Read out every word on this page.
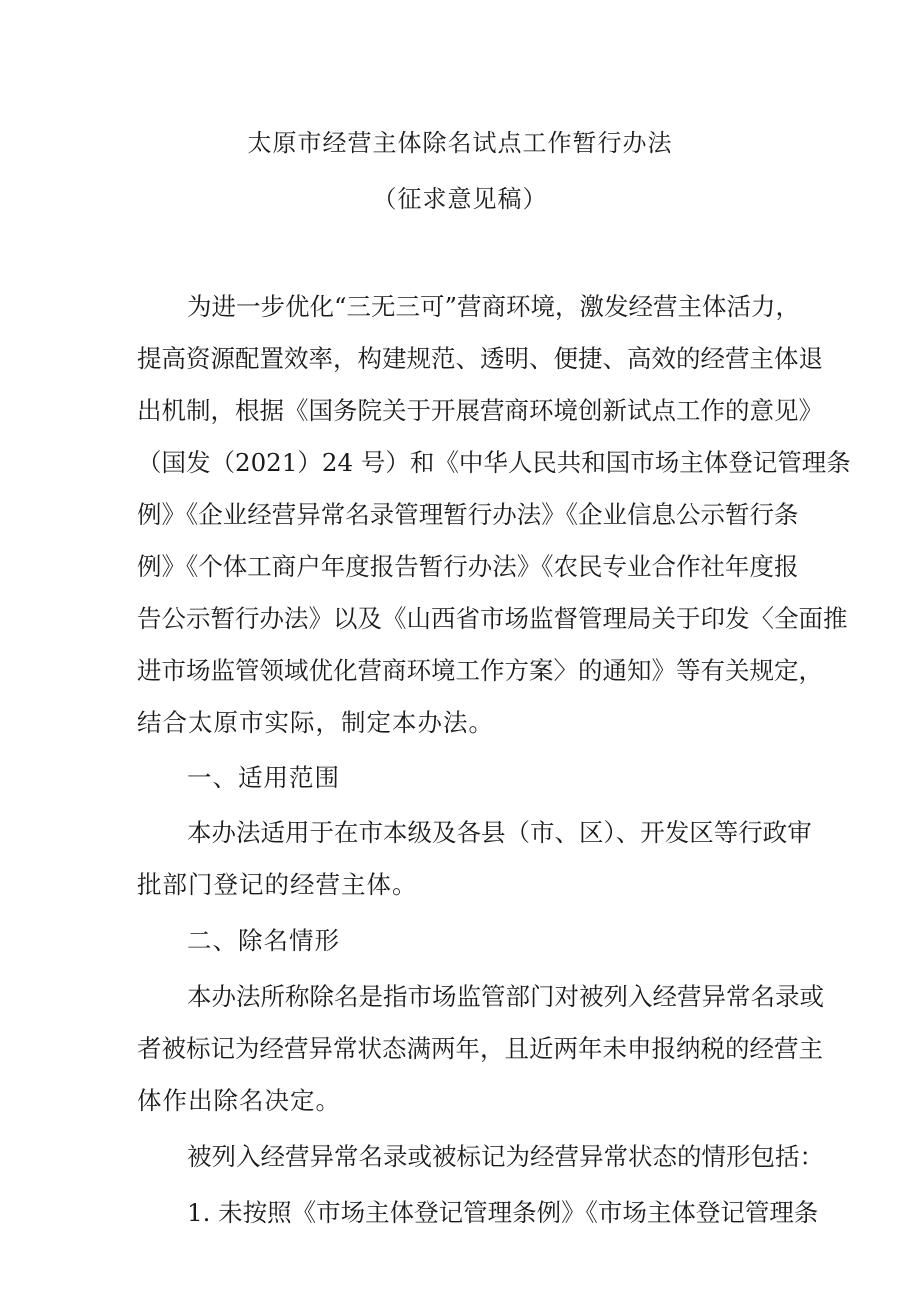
太原市经营主体除名试点工作暂行办法
（征求意见稿）
为进一步优化“三无三可”营商环境，激发经营主体活力，
提高资源配置效率，构建规范、透明、便捷、高效的经营主体退
出机制，根据《国务院关于开展营商环境创新试点工作的意见》
（国发（2021）24 号）和《中华人民共和国市场主体登记管理条
例》《企业经营异常名录管理暂行办法》《企业信息公示暂行条
例》《个体工商户年度报告暂行办法》《农民专业合作社年度报
告公示暂行办法》以及《山西省市场监督管理局关于印发〈全面推
进市场监管领域优化营商环境工作方案〉的通知》等有关规定，
结合太原市实际，制定本办法。
一、适用范围
本办法适用于在市本级及各县（市、区）、开发区等行政审
批部门登记的经营主体。
二、除名情形
本办法所称除名是指市场监管部门对被列入经营异常名录或
者被标记为经营异常状态满两年，且近两年未申报纳税的经营主
体作出除名决定。
被列入经营异常名录或被标记为经营异常状态的情形包括：
1. 未按照《市场主体登记管理条例》《市场主体登记管理条
